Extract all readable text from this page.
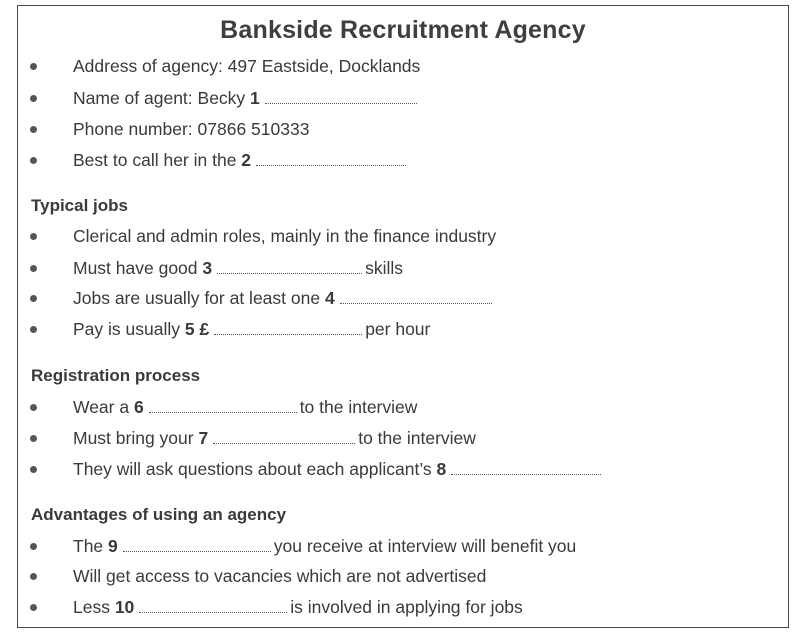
Bankside Recruitment Agency
Address of agency: 497 Eastside, Docklands
Name of agent: Becky 1
Phone number: 07866 510333
Best to call her in the 2
Typical jobs
Clerical and admin roles, mainly in the finance industry
Must have good 3	skills
Jobs are usually for at least one 4
Pay is usually 5 £	per hour
Registration process
Wear a 6	to the interview
Must bring your 7	to the interview
They will ask questions about each applicant’s 8
Advantages of using an agency
The 9	you receive at interview will benefit you
Will get access to vacancies which are not advertised
Less 10	is involved in applying for jobs
